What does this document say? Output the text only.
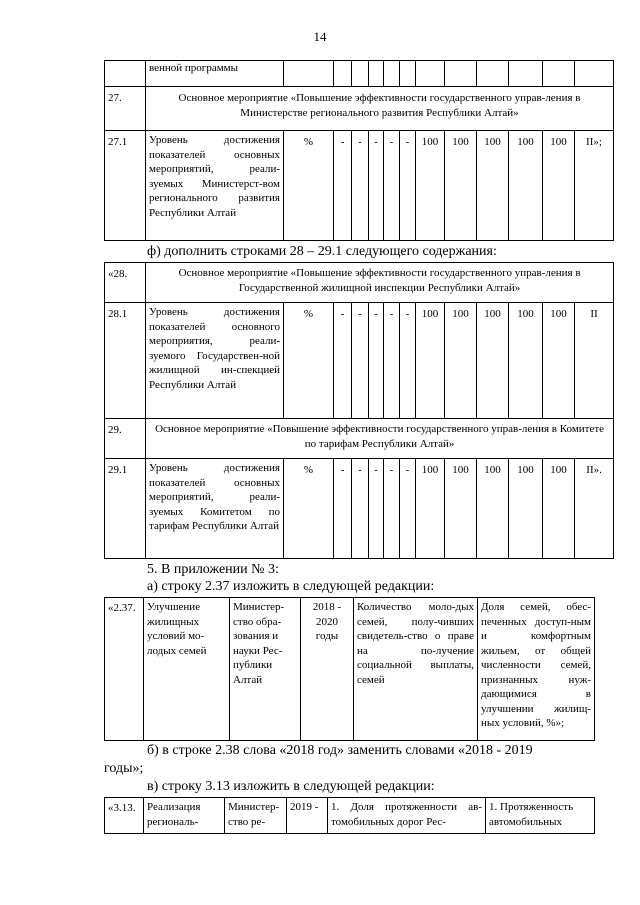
14
	венной программы												
27.	Основное мероприятие «Повышение эффективности государственного управ-ления в Министерстве регионального развития Республики Алтай»												
27.1	Уровень достижения показателей основных мероприятий, реали-зуемых Министерст-вом регионального развития Республики Алтай	%	-	-	-	-	-	100	100	100	100	100	II»;
ф) дополнить строками 28 – 29.1 следующего содержания:
«28.	Основное мероприятие «Повышение эффективности государственного управ-ления в Государственной жилищной инспекции Республики Алтай»												
28.1	Уровень достижения показателей основного мероприятия, реали-зуемого Государствен-ной жилищной ин-спекцией Республики Алтай	%	-	-	-	-	-	100	100	100	100	100	II
29.	Основное мероприятие «Повышение эффективности государственного управ-ления в Комитете по тарифам Республики Алтай»												
29.1	Уровень достижения показателей основных мероприятий, реали-зуемых Комитетом по тарифам Республики Алтай	%	-	-	-	-	-	100	100	100	100	100	II».
5. В приложении № 3:
а) строку 2.37 изложить в следующей редакции:
«2.37.	Улучшение жилищных условий мо-лодых семей	Министер-ство обра-зования и науки Рес-публики Алтай	2018 - 2020 годы	Количество моло-дых семей, полу-чивших свидетель-ство о праве на по-лучение социальной выплаты, семей	Доля семей, обес-печенных доступ-ным и комфортным жильем, от общей численности семей, признанных нуж-дающимися в улучшении жилищ-ных условий, %»;
б) в строке 2.38 слова «2018 год» заменить словами «2018 - 2019
годы»;
в) строку 3.13 изложить в следующей редакции:
«3.13.	Реализация региональ-	Министер-ство ре-	2019 -	1. Доля протяженности ав-томобильных дорог Рес-	1. Протяженность автомобильных
